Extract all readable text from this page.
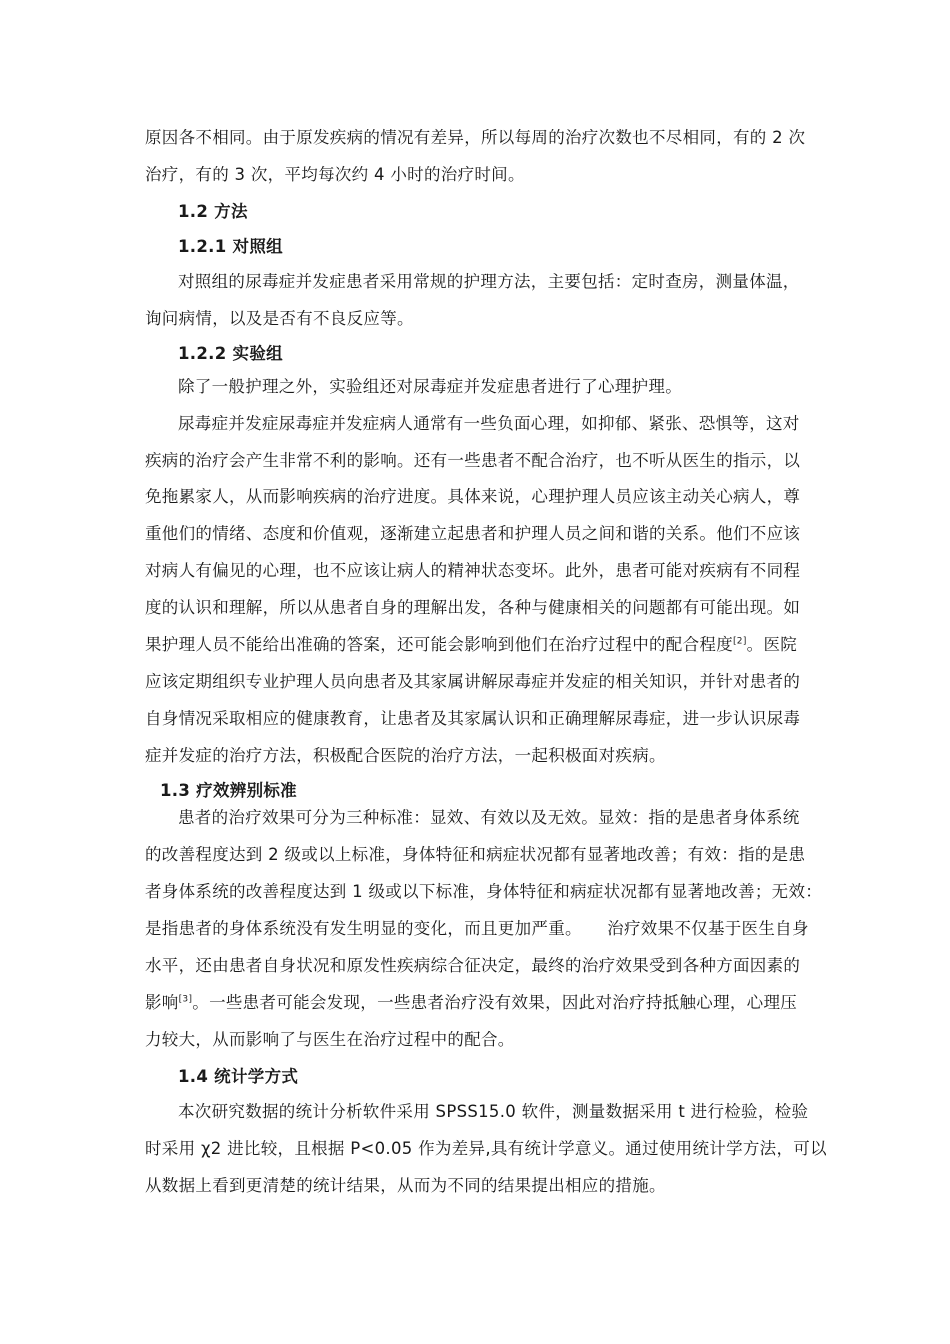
原因各不相同。由于原发疾病的情况有差异，所以每周的治疗次数也不尽相同，有的 2 次
治疗，有的 3 次，平均每次约 4 小时的治疗时间。
1.2 方法
1.2.1 对照组
对照组的尿毒症并发症患者采用常规的护理方法，主要包括：定时查房，测量体温，
询问病情，以及是否有不良反应等。
1.2.2 实验组
除了一般护理之外，实验组还对尿毒症并发症患者进行了心理护理。
尿毒症并发症尿毒症并发症病人通常有一些负面心理，如抑郁、紧张、恐惧等，这对
疾病的治疗会产生非常不利的影响。还有一些患者不配合治疗，也不听从医生的指示，以
免拖累家人，从而影响疾病的治疗进度。具体来说，心理护理人员应该主动关心病人，尊
重他们的情绪、态度和价值观，逐渐建立起患者和护理人员之间和谐的关系。他们不应该
对病人有偏见的心理，也不应该让病人的精神状态变坏。此外，患者可能对疾病有不同程
度的认识和理解，所以从患者自身的理解出发，各种与健康相关的问题都有可能出现。如
果护理人员不能给出准确的答案，还可能会影响到他们在治疗过程中的配合程度[2]。医院
应该定期组织专业护理人员向患者及其家属讲解尿毒症并发症的相关知识，并针对患者的
自身情况采取相应的健康教育，让患者及其家属认识和正确理解尿毒症，进一步认识尿毒
症并发症的治疗方法，积极配合医院的治疗方法，一起积极面对疾病。
1.3 疗效辨别标准
患者的治疗效果可分为三种标准：显效、有效以及无效。显效：指的是患者身体系统
的改善程度达到 2 级或以上标准，身体特征和病症状况都有显著地改善；有效：指的是患
者身体系统的改善程度达到 1 级或以下标准，身体特征和病症状况都有显著地改善；无效：
是指患者的身体系统没有发生明显的变化，而且更加严重。　　治疗效果不仅基于医生自身
水平，还由患者自身状况和原发性疾病综合征决定，最终的治疗效果受到各种方面因素的
影响[3]。一些患者可能会发现，一些患者治疗没有效果，因此对治疗持抵触心理，心理压
力较大，从而影响了与医生在治疗过程中的配合。
1.4 统计学方式
本次研究数据的统计分析软件采用 SPSS15.0 软件，测量数据采用 t 进行检验，检验
时采用 χ2 进比较，且根据 P<0.05 作为差异,具有统计学意义。通过使用统计学方法，可以
从数据上看到更清楚的统计结果，从而为不同的结果提出相应的措施。
